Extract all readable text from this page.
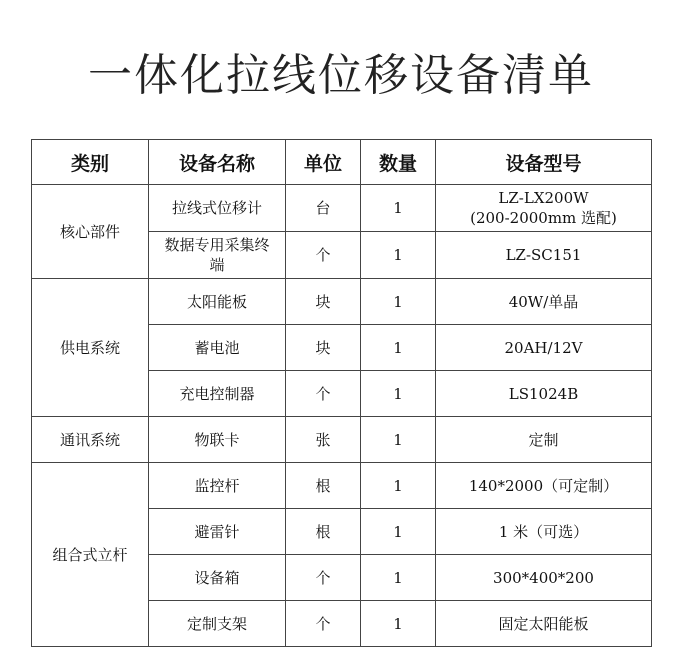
一体化拉线位移设备清单
类别	设备名称	单位	数量	设备型号
核心部件	拉线式位移计	台	1	LZ-LX200W
(200-2000mm 选配)
	数据专用采集终端	个	1	LZ-SC151
供电系统	太阳能板	块	1	40W/单晶
	蓄电池	块	1	20AH/12V
	充电控制器	个	1	LS1024B
通讯系统	物联卡	张	1	定制
组合式立杆	监控杆	根	1	140*2000（可定制）
	避雷针	根	1	1 米（可选）
	设备箱	个	1	300*400*200
	定制支架	个	1	固定太阳能板
